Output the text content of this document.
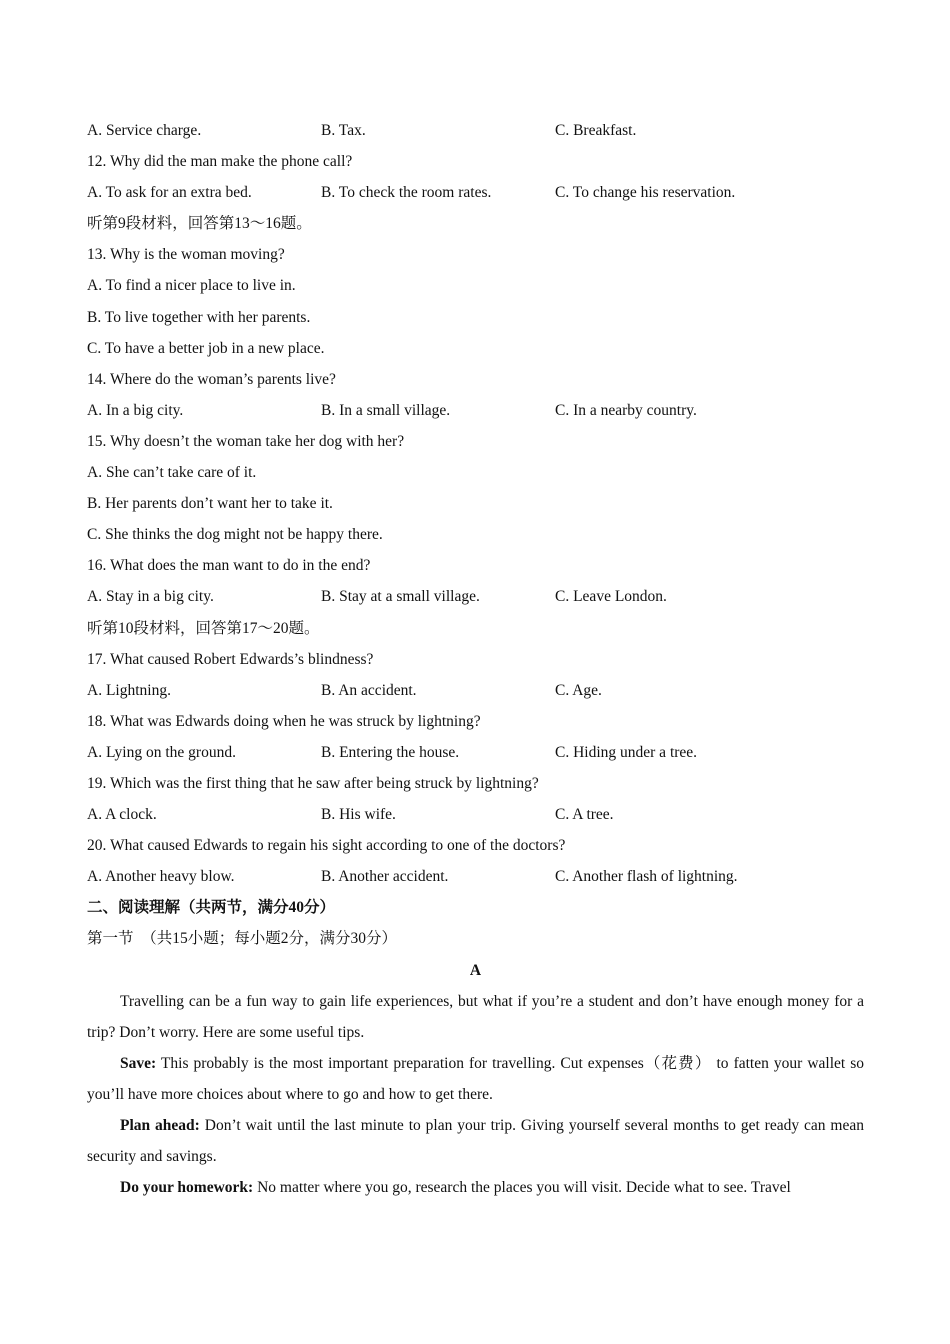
A. Service charge.	B. Tax.	C. Breakfast.
12. Why did the man make the phone call?
A. To ask for an extra bed.	B. To check the room rates.	C. To change his reservation.
听第9段材料，回答第13～16题。
13. Why is the woman moving?
A. To find a nicer place to live in.
B. To live together with her parents.
C. To have a better job in a new place.
14. Where do the woman’s parents live?
A. In a big city.	B. In a small village.	C. In a nearby country.
15. Why doesn’t the woman take her dog with her?
A. She can’t take care of it.
B. Her parents don’t want her to take it.
C. She thinks the dog might not be happy there.
16. What does the man want to do in the end?
A. Stay in a big city.	B. Stay at a small village.	C. Leave London.
听第10段材料，回答第17～20题。
17. What caused Robert Edwards’s blindness?
A. Lightning.	B. An accident.	C. Age.
18. What was Edwards doing when he was struck by lightning?
A. Lying on the ground.	B. Entering the house.	C. Hiding under a tree.
19. Which was the first thing that he saw after being struck by lightning?
A. A clock.	B. His wife.	C. A tree.
20. What caused Edwards to regain his sight according to one of the doctors?
A. Another heavy blow.	B. Another accident.	C. Another flash of lightning.
二、阅读理解（共两节，满分40分）
第一节　（共15小题；每小题2分，满分30分）
A

Travelling can be a fun way to gain life experiences, but what if you’re a student and don’t have enough money for a trip? Don’t worry. Here are some useful tips.

Save: This probably is the most important preparation for travelling. Cut expenses（花费） to fatten your wallet so you’ll have more choices about where to go and how to get there.

Plan ahead: Don’t wait until the last minute to plan your trip. Giving yourself several months to get ready can mean security and savings.

Do your homework: No matter where you go, research the places you will visit. Decide what to see. Travel
